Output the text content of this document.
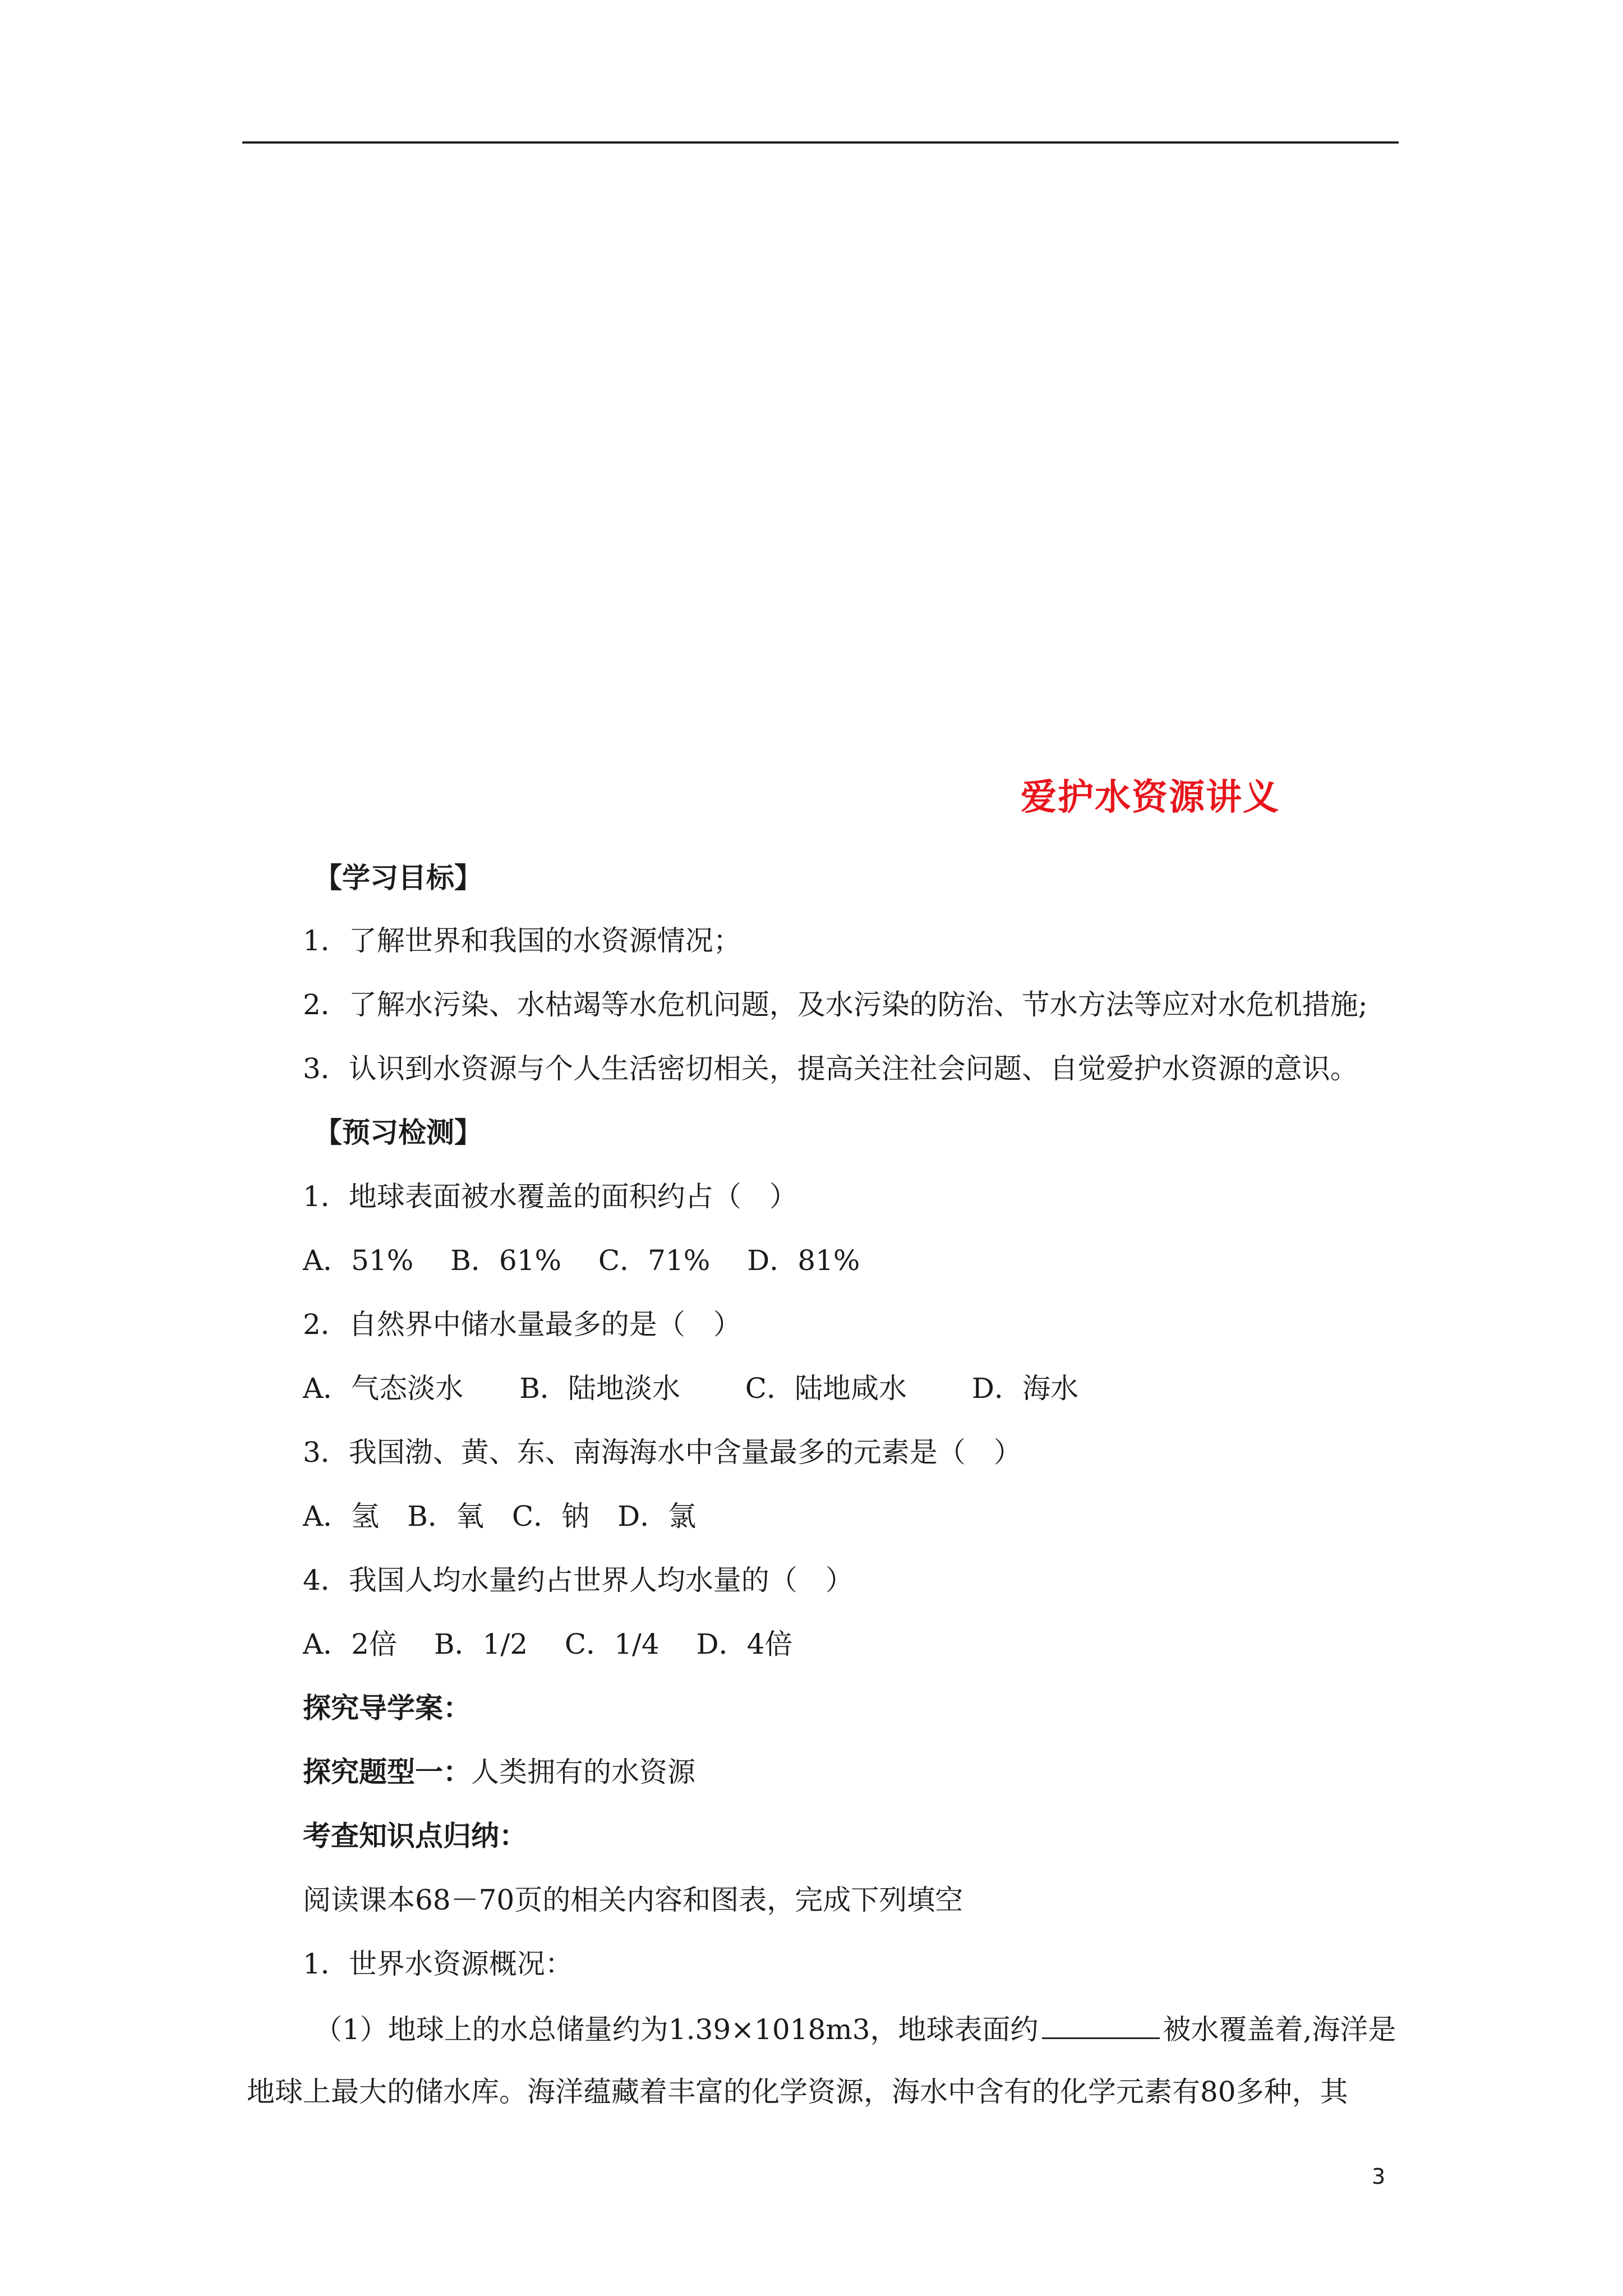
爱护水资源讲义
【学习目标】
1．了解世界和我国的水资源情况；
2．了解水污染、水枯竭等水危机问题，及水污染的防治、节水方法等应对水危机措施;
3．认识到水资源与个人生活密切相关，提高关注社会问题、自觉爱护水资源的意识。
【预习检测】
1．地球表面被水覆盖的面积约占（　）
A．51%　 B．61%　 C．71%　 D．81%
2．自然界中储水量最多的是（　）
A．气态淡水　　B．陆地淡水　　 C．陆地咸水　　 D．海水
3．我国渤、黄、东、南海海水中含量最多的元素是（　）
A．氢　B．氧　C．钠　D．氯
4．我国人均水量约占世界人均水量的（　）
A．2倍　 B．1/2　 C．1/4　 D．4倍
探究导学案：
探究题型一：人类拥有的水资源
考查知识点归纳：
阅读课本68－70页的相关内容和图表，完成下列填空
1．世界水资源概况：
（1）地球上的水总储量约为1.39×1018m3，地球表面约	被水覆盖着,海洋是
地球上最大的储水库。海洋蕴藏着丰富的化学资源，海水中含有的化学元素有80多种，其
3
